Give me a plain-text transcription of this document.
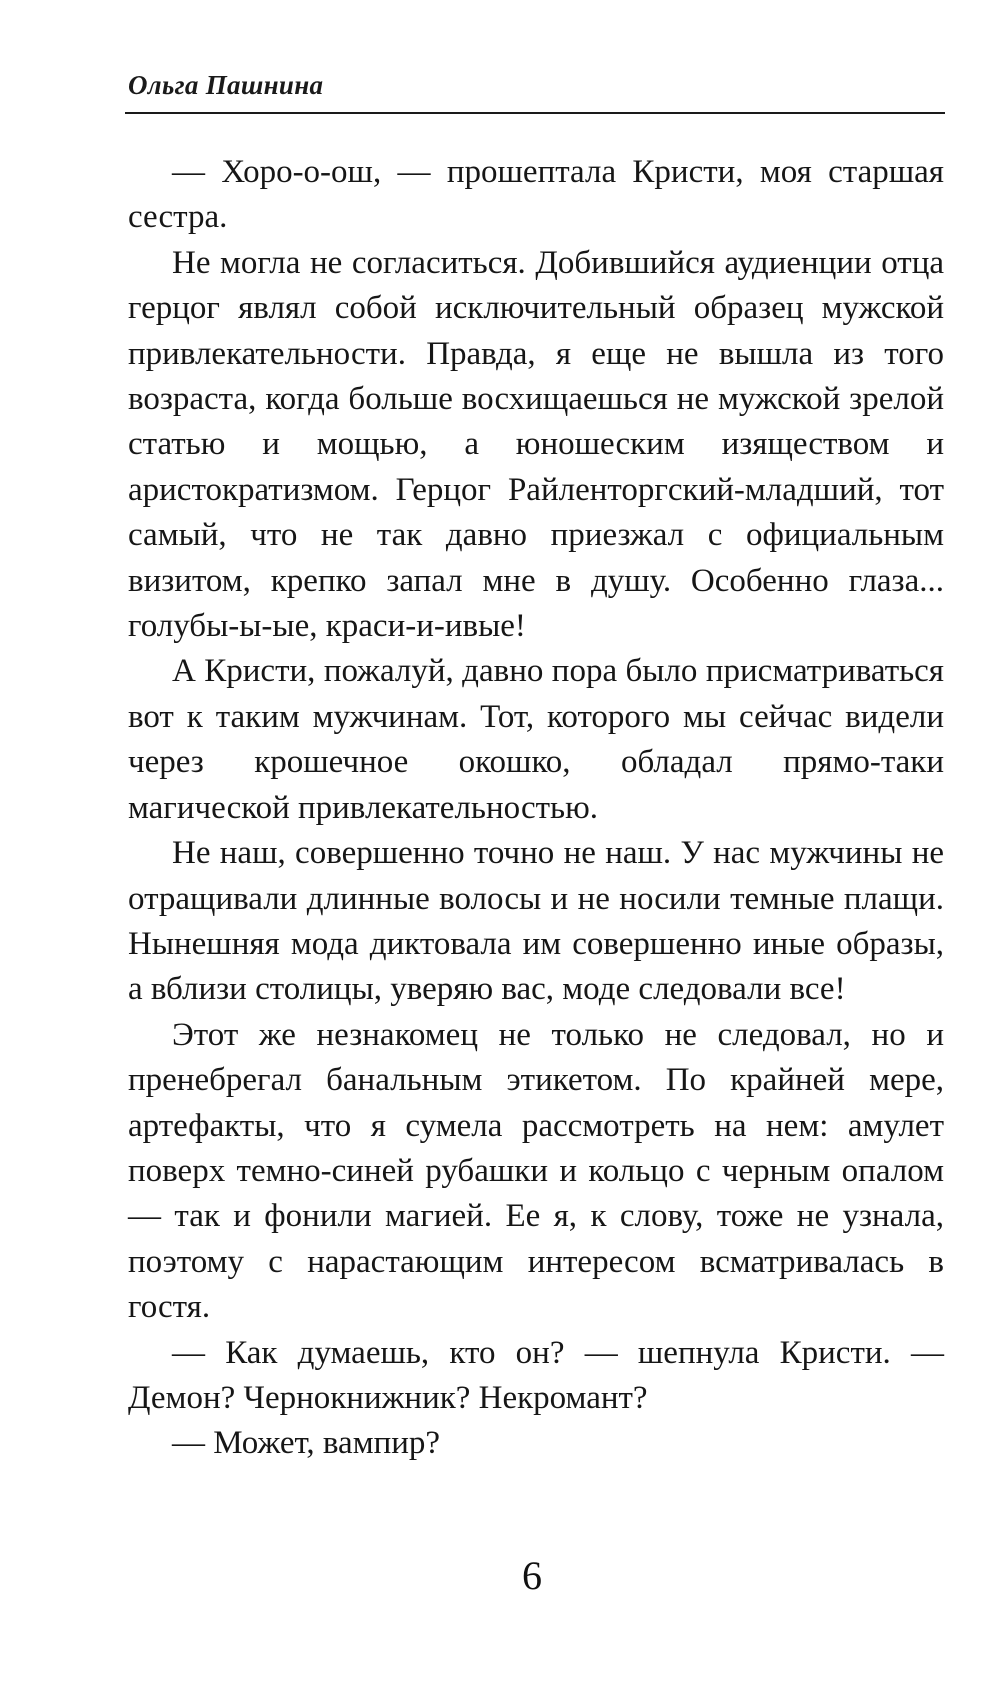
Ольга Пашнина

— Хоро-о-ош, — прошептала Кристи, моя старшая сестра.

Не могла не согласиться. Добившийся аудиенции отца герцог являл собой исключительный образец мужской привлекательности. Правда, я еще не вышла из того возраста, когда больше восхищаешься не мужской зрелой статью и мощью, а юношеским изяществом и аристократизмом. Герцог Райленторгский-младший, тот самый, что не так давно приезжал с официальным визитом, крепко запал мне в душу. Особенно глаза... голубы-ы-ые, краси-и-ивые!

А Кристи, пожалуй, давно пора было присматриваться вот к таким мужчинам. Тот, которого мы сейчас видели через крошечное окошко, обладал прямо-таки магической привлекательностью.

Не наш, совершенно точно не наш. У нас мужчины не отращивали длинные волосы и не носили темные плащи. Нынешняя мода диктовала им совершенно иные образы, а вблизи столицы, уверяю вас, моде следовали все!

Этот же незнакомец не только не следовал, но и пренебрегал банальным этикетом. По крайней мере, артефакты, что я сумела рассмотреть на нем: амулет поверх темно-синей рубашки и кольцо с черным опалом — так и фонили магией. Ее я, к слову, тоже не узнала, поэтому с нарастающим интересом всматривалась в гостя.

— Как думаешь, кто он? — шепнула Кристи. — Демон? Чернокнижник? Некромант?

— Может, вампир?

6
